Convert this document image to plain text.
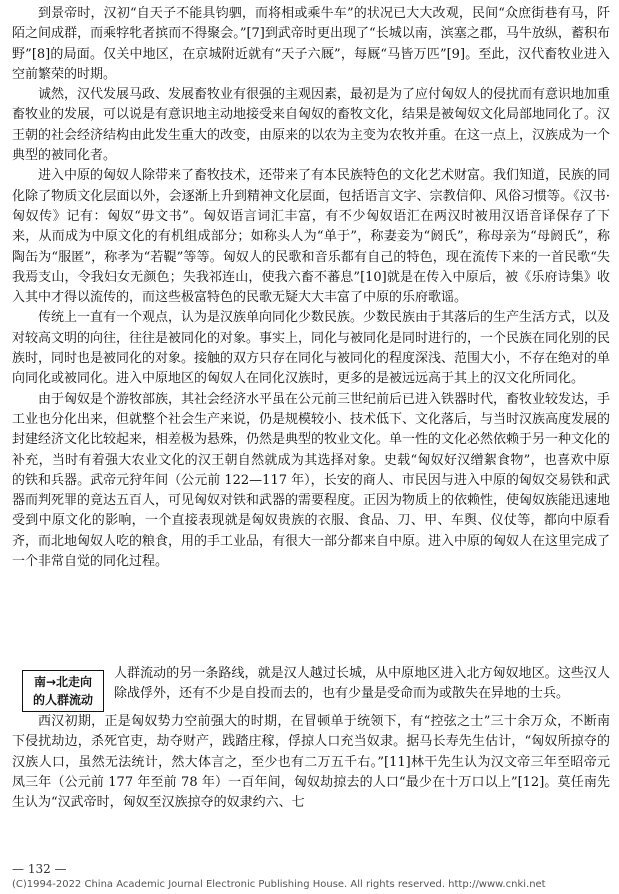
到景帝时，汉初“自天子不能具钧驷，而将相或乘牛车”的状况已大大改观，民间“众庶街巷有马，阡陌之间成群，而乘牸牝者摈而不得聚会。”[7]到武帝时更出现了“长城以南，滨塞之郡，马牛放纵，蓄积布野”[8]的局面。仅关中地区，在京城附近就有“天子六厩”，每厩“马皆万匹”[9]。至此，汉代畜牧业进入空前繁荣的时期。

诚然，汉代发展马政、发展畜牧业有很强的主观因素，最初是为了应付匈奴人的侵扰而有意识地加重畜牧业的发展，可以说是有意识地主动地接受来自匈奴的畜牧文化，结果是被匈奴文化局部地同化了。汉王朝的社会经济结构由此发生重大的改变，由原来的以农为主变为农牧并重。在这一点上，汉族成为一个典型的被同化者。

进入中原的匈奴人除带来了畜牧技术，还带来了有本民族特色的文化艺术财富。我们知道，民族的同化除了物质文化层面以外，会逐渐上升到精神文化层面，包括语言文字、宗教信仰、风俗习惯等。《汉书·匈奴传》记有：匈奴“毋文书”。匈奴语言词汇丰富，有不少匈奴语汇在两汉时被用汉语音译保存了下来，从而成为中原文化的有机组成部分；如称头人为“单于”，称妻妾为“阏氏”，称母亲为“母阏氏”，称陶缶为“服匿”，称孝为“若鞮”等等。匈奴人的民歌和音乐都有自己的特色，现在流传下来的一首民歌“失我焉支山，令我妇女无颜色；失我祁连山，使我六畜不蕃息”[10]就是在传入中原后，被《乐府诗集》收入其中才得以流传的，而这些极富特色的民歌无疑大大丰富了中原的乐府歌谣。

传统上一直有一个观点，认为是汉族单向同化少数民族。少数民族由于其落后的生产生活方式，以及对较高文明的向往，往往是被同化的对象。事实上，同化与被同化是同时进行的，一个民族在同化别的民族时，同时也是被同化的对象。接触的双方只存在同化与被同化的程度深浅、范围大小，不存在绝对的单向同化或被同化。进入中原地区的匈奴人在同化汉族时，更多的是被远远高于其上的汉文化所同化。

由于匈奴是个游牧部族，其社会经济水平虽在公元前三世纪前后已进入铁器时代，畜牧业较发达，手工业也分化出来，但就整个社会生产来说，仍是规模较小、技术低下、文化落后，与当时汉族高度发展的封建经济文化比较起来，相差极为悬殊，仍然是典型的牧业文化。单一性的文化必然依赖于另一种文化的补充，当时有着强大农业文化的汉王朝自然就成为其选择对象。史载“匈奴好汉缯絮食物”，也喜欢中原的铁和兵器。武帝元狩年间（公元前 122—117 年），长安的商人、市民因与进入中原的匈奴交易铁和武器而判死罪的竟达五百人，可见匈奴对铁和武器的需要程度。正因为物质上的依赖性，使匈奴族能迅速地受到中原文化的影响，一个直接表现就是匈奴贵族的衣服、食品、刀、甲、车舆、仪仗等，都向中原看齐，而北地匈奴人吃的粮食，用的手工业品，有很大一部分都来自中原。进入中原的匈奴人在这里完成了一个非常自觉的同化过程。

南→北走向
的人群流动

人群流动的另一条路线，就是汉人越过长城，从中原地区进入北方匈奴地区。这些汉人除战俘外，还有不少是自投而去的，也有少量是受命而为或散失在异地的士兵。

西汉初期，正是匈奴势力空前强大的时期，在冒顿单于统领下，有“控弦之士”三十余万众，不断南下侵扰劫边，杀死官吏，劫夺财产，践踏庄稼，俘掠人口充当奴隶。据马长寿先生估计，“匈奴所掠夺的汉族人口，虽然无法统计，然大体言之，至少也有二万五千右。”[11]林干先生认为汉文帝三年至昭帝元凤三年（公元前 177 年至前 78 年）一百年间，匈奴劫掠去的人口“最少在十万口以上”[12]。莫任南先生认为“汉武帝时，匈奴至汉族掠夺的奴隶约六、七

— 132 —
(C)1994-2022 China Academic Journal Electronic Publishing House. All rights reserved. http://www.cnki.net
